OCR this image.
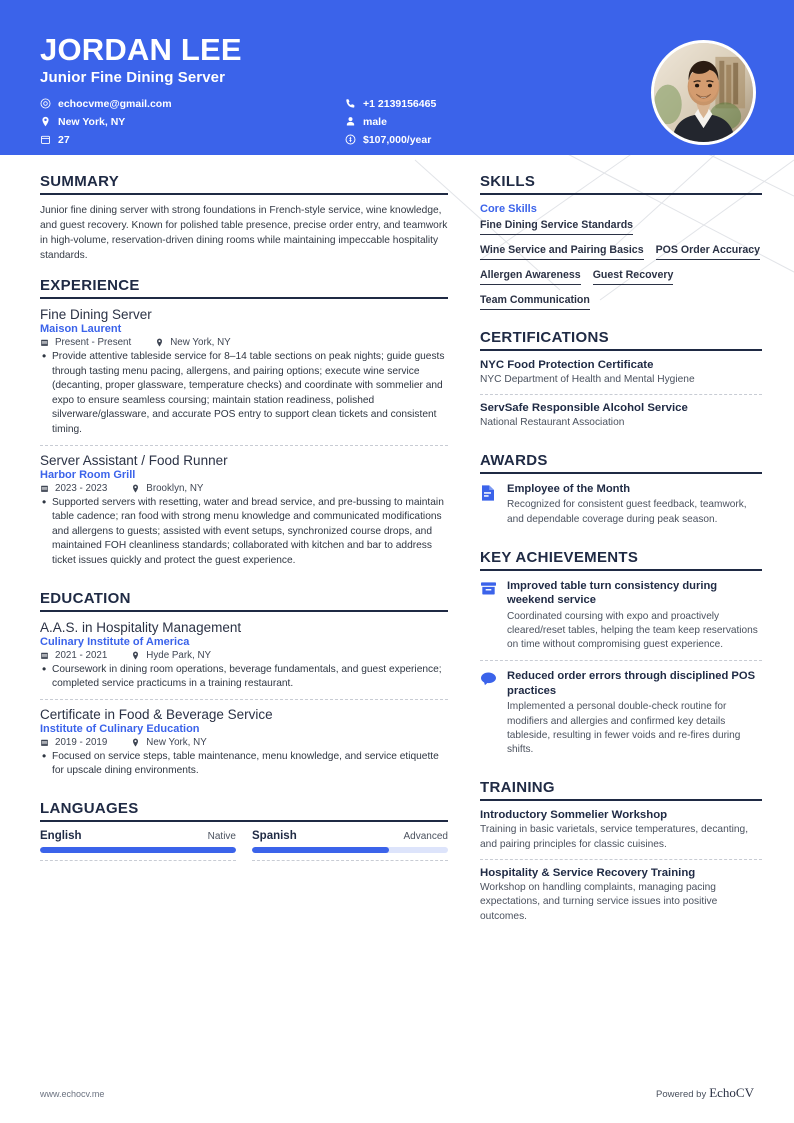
JORDAN LEE
Junior Fine Dining Server
echocvme@gmail.com
New York, NY
27
+1 2139156465
male
$107,000/year
SUMMARY

Junior fine dining server with strong foundations in French-style service, wine knowledge, and guest recovery. Known for polished table presence, precise order entry, and teamwork in high-volume, reservation-driven dining rooms while maintaining impeccable hospitality standards.

EXPERIENCE
Fine Dining Server
Maison Laurent
Present - Present	New York, NY
• Provide attentive tableside service for 8–14 table sections on peak nights; guide guests through tasting menu pacing, allergens, and pairing options; execute wine service (decanting, proper glassware, temperature checks) and coordinate with sommelier and expo to ensure seamless coursing; maintain station readiness, polished silverware/glassware, and accurate POS entry to support clean tickets and consistent timing.
Server Assistant / Food Runner
Harbor Room Grill
2023 - 2023	Brooklyn, NY
• Supported servers with resetting, water and bread service, and pre-bussing to maintain table cadence; ran food with strong menu knowledge and communicated modifications and allergens to guests; assisted with event setups, synchronized course drops, and maintained FOH cleanliness standards; collaborated with kitchen and bar to address ticket issues quickly and protect the guest experience.
EDUCATION
A.A.S. in Hospitality Management
Culinary Institute of America
2021 - 2021	Hyde Park, NY
• Coursework in dining room operations, beverage fundamentals, and guest experience; completed service practicums in a training restaurant.
Certificate in Food & Beverage Service
Institute of Culinary Education
2019 - 2019	New York, NY
• Focused on service steps, table maintenance, menu knowledge, and service etiquette for upscale dining environments.
LANGUAGES
English	Native Spanish	Advanced
SKILLS
Core Skills
Fine Dining Service Standards
Wine Service and Pairing Basics POS Order Accuracy
Allergen Awareness Guest Recovery
Team Communication
CERTIFICATIONS
NYC Food Protection Certificate
NYC Department of Health and Mental Hygiene
ServSafe Responsible Alcohol Service
National Restaurant Association
AWARDS
Employee of the Month
Recognized for consistent guest feedback, teamwork, and dependable coverage during peak season.
KEY ACHIEVEMENTS
Improved table turn consistency during weekend service
Coordinated coursing with expo and proactively cleared/reset tables, helping the team keep reservations on time without compromising guest experience.
Reduced order errors through disciplined POS practices
Implemented a personal double-check routine for modifiers and allergies and confirmed key details tableside, resulting in fewer voids and re-fires during shifts.
TRAINING
Introductory Sommelier Workshop
Training in basic varietals, service temperatures, decanting, and pairing principles for classic cuisines.
Hospitality & Service Recovery Training
Workshop on handling complaints, managing pacing expectations, and turning service issues into positive outcomes.
www.echocv.me	Powered by EchoCV
